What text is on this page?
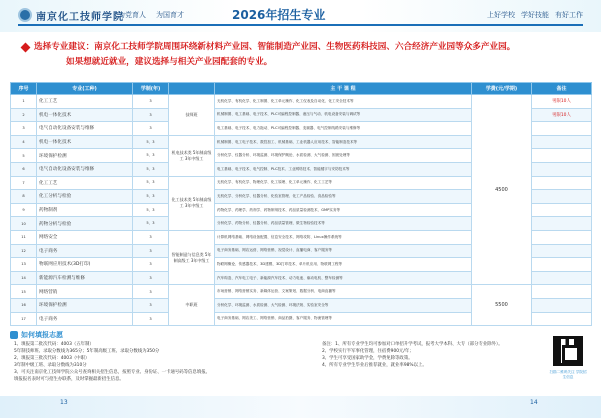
南京化工技师学院
为党育人 为国育才	2026年招生专业	上好学校 学好技能 有好工作
选择专业建议：南京化工技师学院周围环绕新材料产业园、智能制造产业园、生物医药科技园、六合经济产业园等众多产业园。
如果想就近就业，建议选择与相关产业园配套的专业。
序号	专业(工种)	学制(年)		主 干 课 程	学费(元/学期)	备注
1	化工工艺	3	技师班	无机化学、有机化学、化工制图、化工单元操作、化工仪表及自动化、化工安全技术等	4500	男限10人
2	机电一体化技术	3		机械制图、电工基础、电子技术、PLC可编程控制器、液压与气动、机电设备安装与调试等		男限10人
3	电气自动化设备安装与维修	3		电工基础、电子技术、电力拖动、PLC可编程控制器、变频器、电气控制线路安装与维修等		
4	机电一体化技术	5、3	机电技术类 5年制高级工 3年中级工	机械制图、电工电子技术、数控加工、机械基础、工业机器人应用技术、智能制造技术等		
5	环境保护检测	5、3		分析化学、仪器分析、环境监测、环境保护概论、水质检测、大气检测、固废处理等		
6	电气自动化设备安装与维修	5、3		电工基础、电子技术、电气控制、PLC技术、工业网络技术、智能楼宇与安防技术等		
7	化工工艺	5、3	化工技术类 5年制高级工 3年中级工	无机化学、有机化学、物理化学、化工原理、化工单元操作、化工工艺等		
8	化工分析与检验	5、3		无机化学、分析化学、仪器分析、化验室管理、化工产品检验、食品检验等		
9	药物制剂	5、3		药物化学、药理学、药剂学、药物制剂技术、药品质量检测技术、GMP实务等		
10	药物分析与检验	5、3		分析化学、药物分析、仪器分析、药品质量管理、微生物检验技术等		
11	网络安全	3	智能制造与信息类 5年制高级工 3年中级工	计算机网络基础、网络设备配置、信息安全技术、网络攻防、Linux操作系统等		
12	电子商务	3		电子商务基础、网店运营、网络营销、视觉设计、直播电商、客户服务等		
13	物联网应用技术(3D打印)	3		物联网概论、传感器技术、3D建模、3D打印技术、单片机应用、物联网工程等		
14	新能源汽车检测与维修	3		汽车构造、汽车电工电子、新能源汽车技术、动力电池、驱动电机、整车检测等		
15	网络营销	3	中职班	市场营销、网络营销实务、新媒体运营、文案策划、数据分析、电商直播等	5500	
16	环境保护检测	3		分析化学、环境监测、水质检测、大气检测、环境法规、实验室安全等		
17	电子商务	3		电子商务基础、网店美工、网络营销、商品拍摄、客户服务、物流管理等		
如何填报志愿
1、填报第二批次代码：4003（五年制）
5年制技师班、录取分数线为365分；5年制高级工班、录取分数线为350分
2、填报第三批次代码：4003（中职）
3年制中级工班、录取分数线为310分
3、可关注南京化工技师学院公众号查询相关招生信息，按照专业、身份证、一卡通号码等信息填报。
填报报名表时可与招生办联系，及时掌握最新招生信息。
备注：1、所有专业学生均可参加对口单招升学考试，报考大学本科、大专（部分专业除外）。
2、学校实行半军事化管理，住宿费900元/年；
3、学生可享受国家助学金，学费免除等政策。
4、所有专业学生毕业后推荐就业，就业率98%以上。
扫描二维码关注 学院招生信息
13	14
